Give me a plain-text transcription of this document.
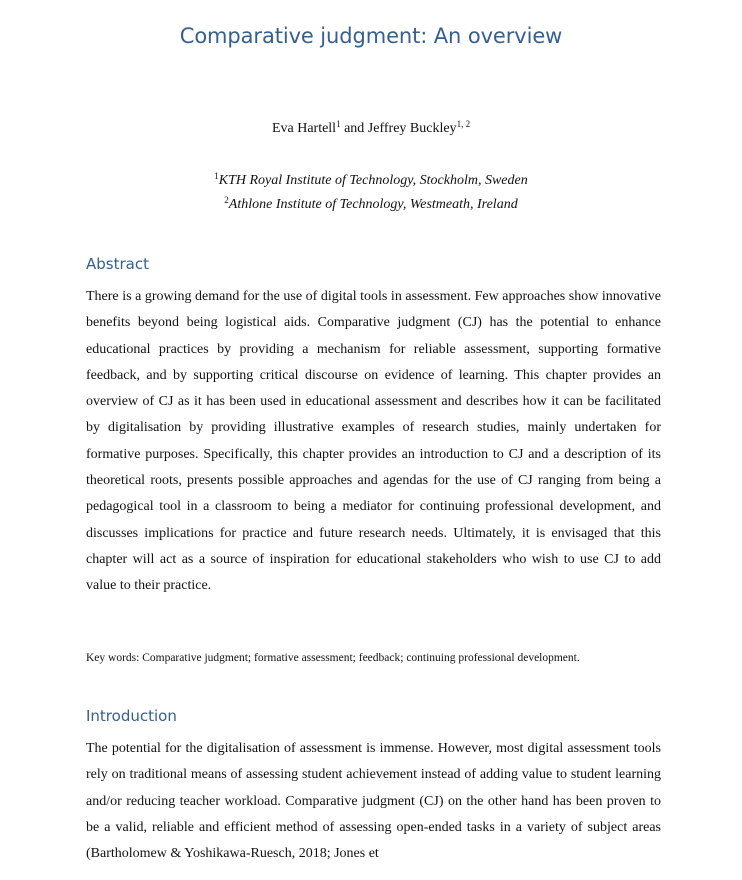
Comparative judgment: An overview
Eva Hartell$^1$ and Jeffrey Buckley$^{1, 2}$
$^1$KTH Royal Institute of Technology, Stockholm, Sweden
$^2$Athlone Institute of Technology, Westmeath, Ireland
Abstract
There is a growing demand for the use of digital tools in assessment. Few approaches show innovative benefits beyond being logistical aids. Comparative judgment (CJ) has the potential to enhance educational practices by providing a mechanism for reliable assessment, supporting formative feedback, and by supporting critical discourse on evidence of learning. This chapter provides an overview of CJ as it has been used in educational assessment and describes how it can be facilitated by digitalisation by providing illustrative examples of research studies, mainly undertaken for formative purposes. Specifically, this chapter provides an introduction to CJ and a description of its theoretical roots, presents possible approaches and agendas for the use of CJ ranging from being a pedagogical tool in a classroom to being a mediator for continuing professional development, and discusses implications for practice and future research needs. Ultimately, it is envisaged that this chapter will act as a source of inspiration for educational stakeholders who wish to use CJ to add value to their practice.
Key words: Comparative judgment; formative assessment; feedback; continuing professional development.
Introduction
The potential for the digitalisation of assessment is immense. However, most digital assessment tools rely on traditional means of assessing student achievement instead of adding value to student learning and/or reducing teacher workload. Comparative judgment (CJ) on the other hand has been proven to be a valid, reliable and efficient method of assessing open-ended tasks in a variety of subject areas (Bartholomew & Yoshikawa-Ruesch, 2018; Jones et
